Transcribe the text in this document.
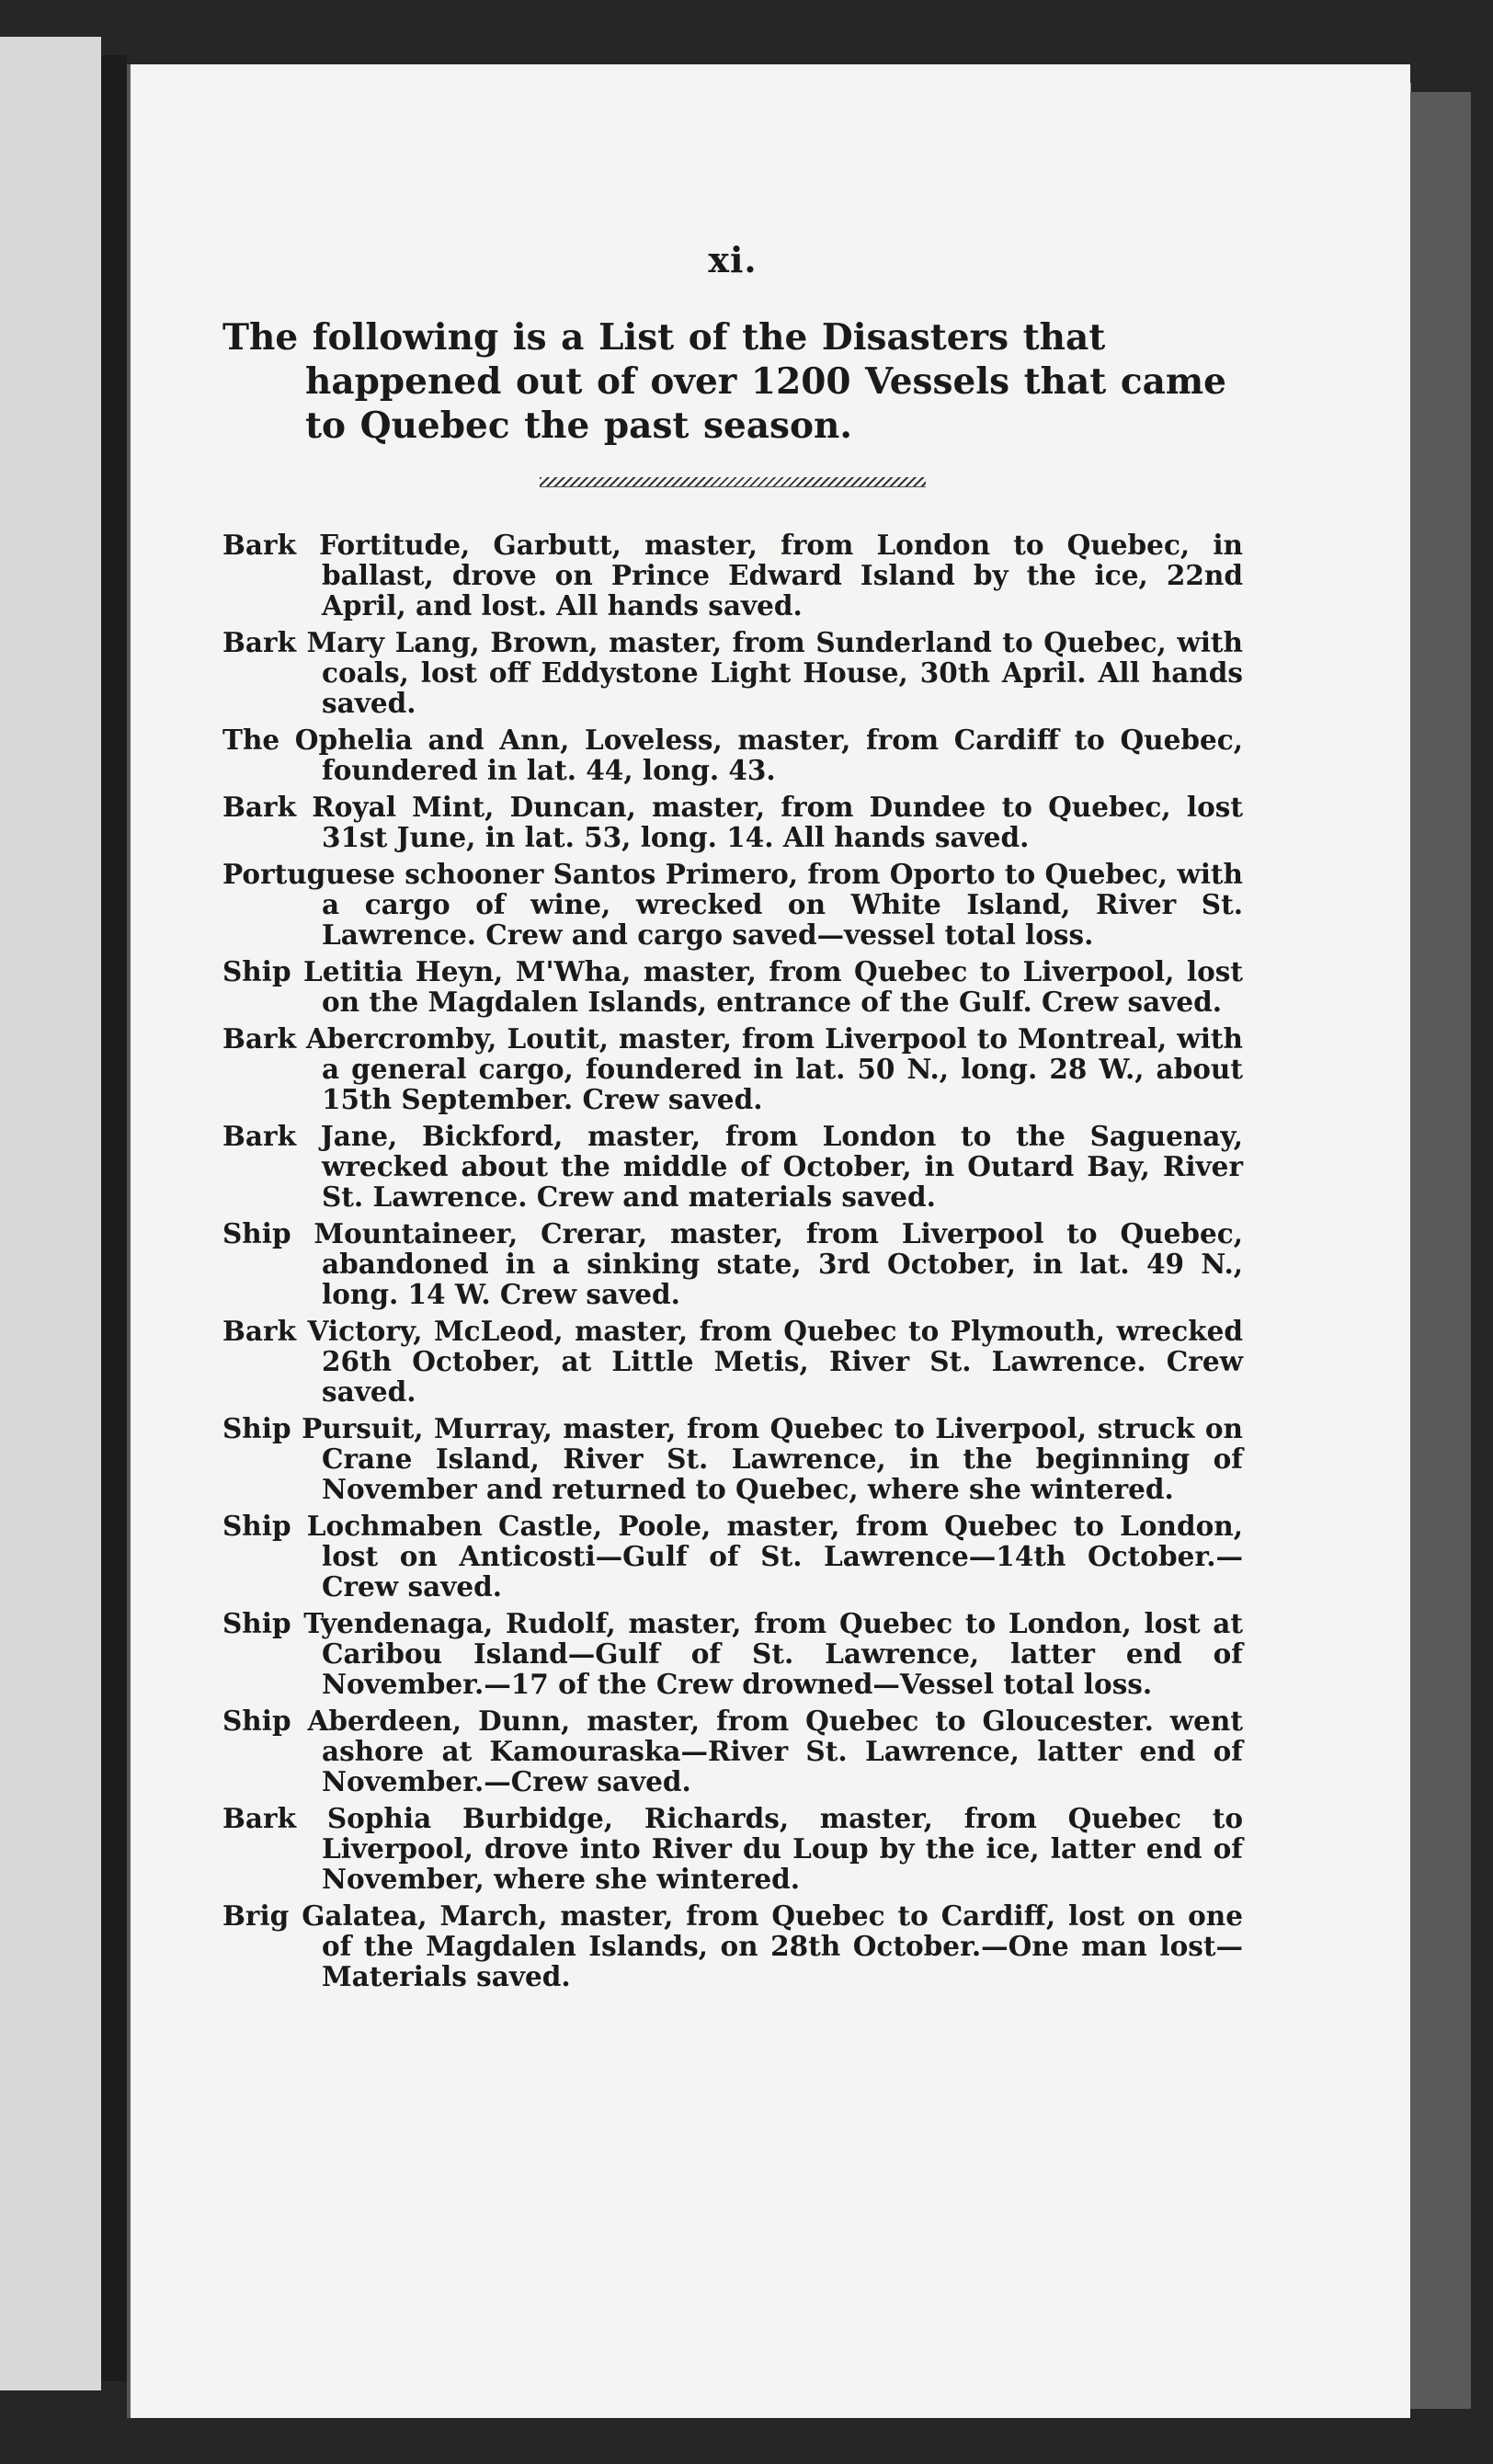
xi.
The following is a List of the Disasters that happened out of over 1200 Vessels that came to Quebec the past season.
Bark Fortitude, Garbutt, master, from London to Quebec, in ballast, drove on Prince Edward Island by the ice, 22nd April, and lost. All hands saved.
Bark Mary Lang, Brown, master, from Sunderland to Quebec, with coals, lost off Eddystone Light House, 30th April. All hands saved.
The Ophelia and Ann, Loveless, master, from Cardiff to Quebec, foundered in lat. 44, long. 43.
Bark Royal Mint, Duncan, master, from Dundee to Quebec, lost 31st June, in lat. 53, long. 14. All hands saved.
Portuguese schooner Santos Primero, from Oporto to Quebec, with a cargo of wine, wrecked on White Island, River St. Lawrence. Crew and cargo saved—vessel total loss.
Ship Letitia Heyn, M'Wha, master, from Quebec to Liverpool, lost on the Magdalen Islands, entrance of the Gulf. Crew saved.
Bark Abercromby, Loutit, master, from Liverpool to Montreal, with a general cargo, foundered in lat. 50 N., long. 28 W., about 15th September. Crew saved.
Bark Jane, Bickford, master, from London to the Saguenay, wrecked about the middle of October, in Outard Bay, River St. Lawrence. Crew and materials saved.
Ship Mountaineer, Crerar, master, from Liverpool to Quebec, abandoned in a sinking state, 3rd October, in lat. 49 N., long. 14 W. Crew saved.
Bark Victory, McLeod, master, from Quebec to Plymouth, wrecked 26th October, at Little Metis, River St. Lawrence. Crew saved.
Ship Pursuit, Murray, master, from Quebec to Liverpool, struck on Crane Island, River St. Lawrence, in the beginning of November and returned to Quebec, where she wintered.
Ship Lochmaben Castle, Poole, master, from Quebec to London, lost on Anticosti—Gulf of St. Lawrence—14th October.—Crew saved.
Ship Tyendenaga, Rudolf, master, from Quebec to London, lost at Caribou Island—Gulf of St. Lawrence, latter end of November.—17 of the Crew drowned—Vessel total loss.
Ship Aberdeen, Dunn, master, from Quebec to Gloucester. went ashore at Kamouraska—River St. Lawrence, latter end of November.—Crew saved.
Bark Sophia Burbidge, Richards, master, from Quebec to Liverpool, drove into River du Loup by the ice, latter end of November, where she wintered.
Brig Galatea, March, master, from Quebec to Cardiff, lost on one of the Magdalen Islands, on 28th October.—One man lost—Materials saved.
